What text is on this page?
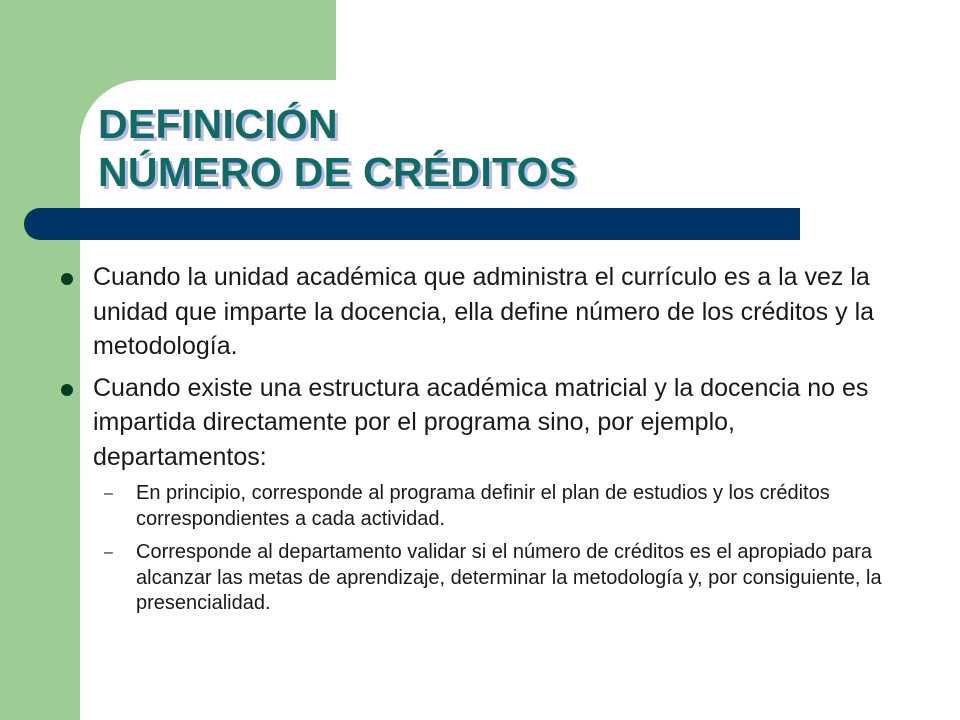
DEFINICIÓN
NÚMERO DE CRÉDITOS

Cuando la unidad académica que administra el currículo es a la vez la unidad que imparte la docencia, ella define número de los créditos y la metodología.

Cuando existe una estructura académica matricial y la docencia no es impartida directamente por el programa sino, por ejemplo, departamentos:

– En principio, corresponde al programa definir el plan de estudios y los créditos correspondientes a cada actividad.

– Corresponde al departamento validar si el número de créditos es el apropiado para alcanzar las metas de aprendizaje, determinar la metodología y, por consiguiente, la presencialidad.
